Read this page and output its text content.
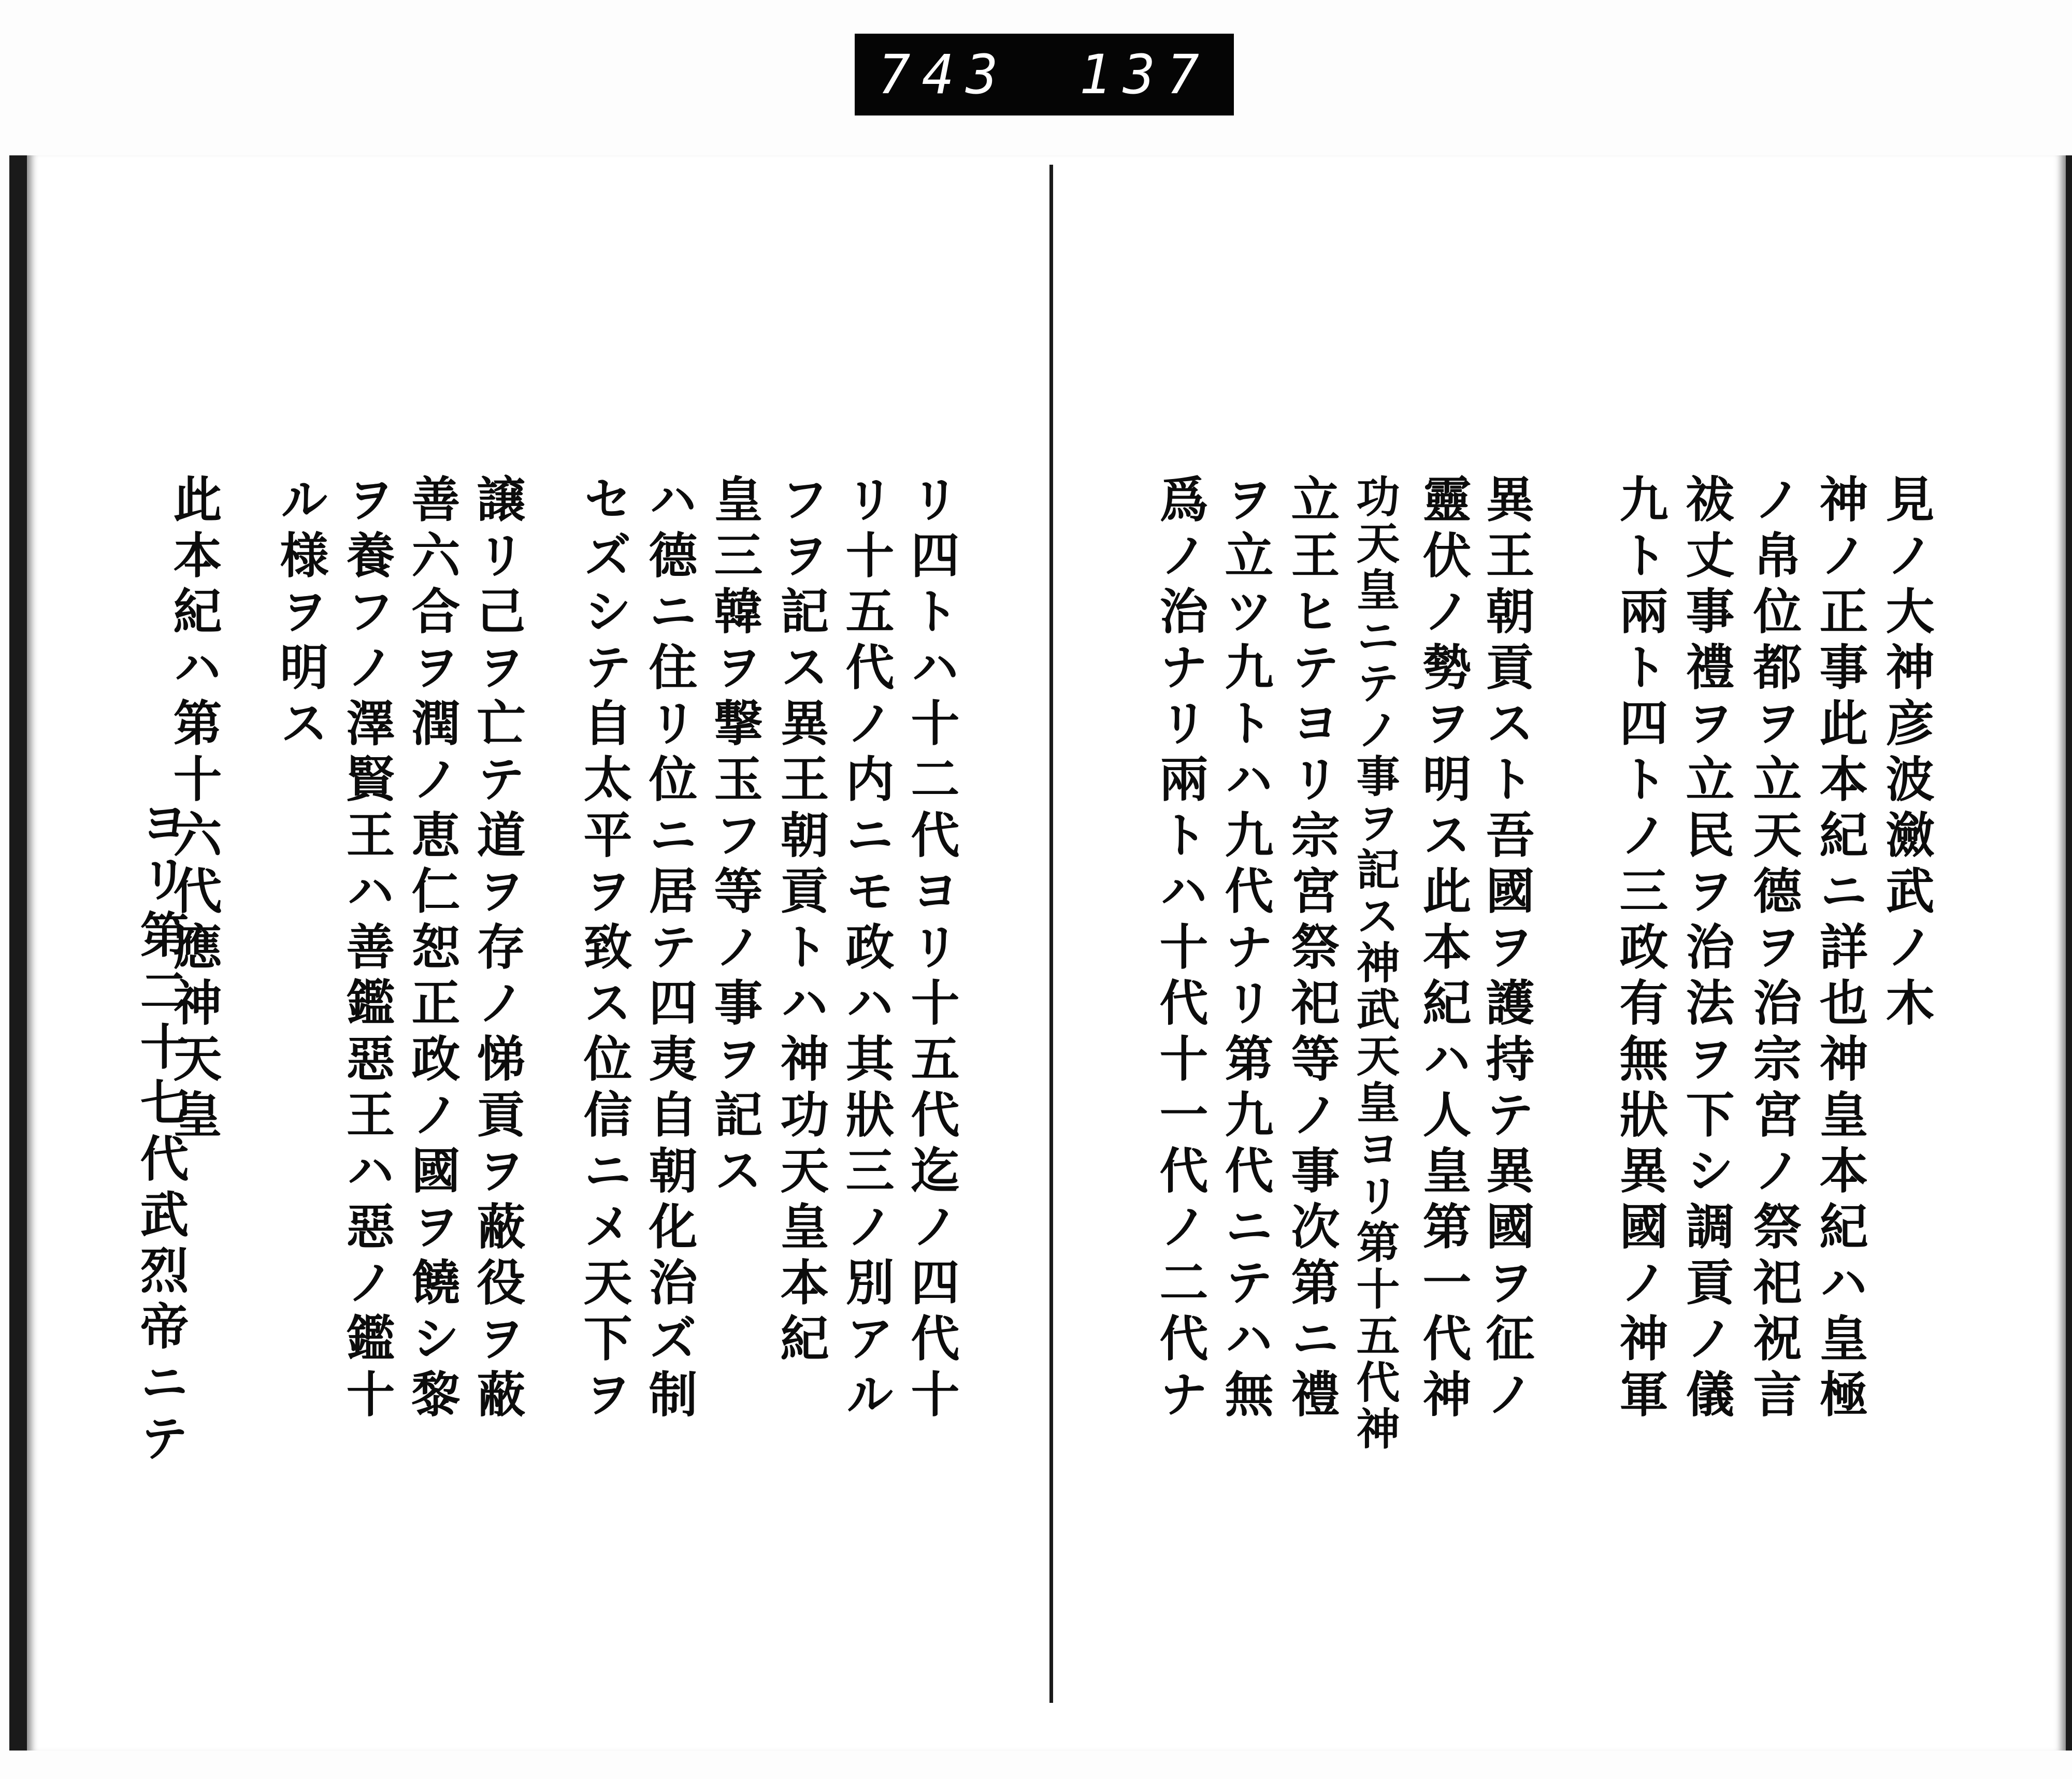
743 137
見ノ大神彦波瀲武ノ木
神ノ正事此本紀ニ詳也神皇本紀ハ皇極
ノ帛位都ヲ立天德ヲ治宗宮ノ祭祀祝言
祓丈事禮ヲ立民ヲ治法ヲ下シ調貢ノ儀
九ト兩ト四トノ三政有無狀異國ノ神軍
異王朝貢スト吾國ヲ護持テ異國ヲ征ノ
靈伏ノ勢ヲ明ス此本紀ハ人皇第一代神
功天皇ニテノ事ヲ記ス神武天皇ヨリ第十五代神
立王ヒテヨリ宗宮祭祀等ノ事次第ニ禮
ヲ立ツ九トハ九代ナリ第九代ニテハ無
爲ノ治ナリ兩トハ十代十一代ノ二代ナ
リ四トハ十二代ヨリ十五代迄ノ四代十
リ十五代ノ内ニモ政ハ其狀三ノ別アル
フヲ記ス異王朝貢トハ神功天皇本紀
皇三韓ヲ撃玉フ等ノ事ヲ記ス
ハ德ニ住リ位ニ居テ四夷自朝化治ズ制
セズシテ自太平ヲ致ス位信ニメ天下ヲ
譲リ己ヲ亡テ道ヲ存ノ悌貢ヲ蔽役ヲ蔽
善六合ヲ潤ノ恵仁恕正政ノ國ヲ饒シ黎
ヲ養フノ澤賢王ハ善鑑惡王ハ惡ノ鑑十
ル様ヲ明ス
此本紀ハ第十六代應神天皇
ヨリ第二十七代武烈帝ニテ
